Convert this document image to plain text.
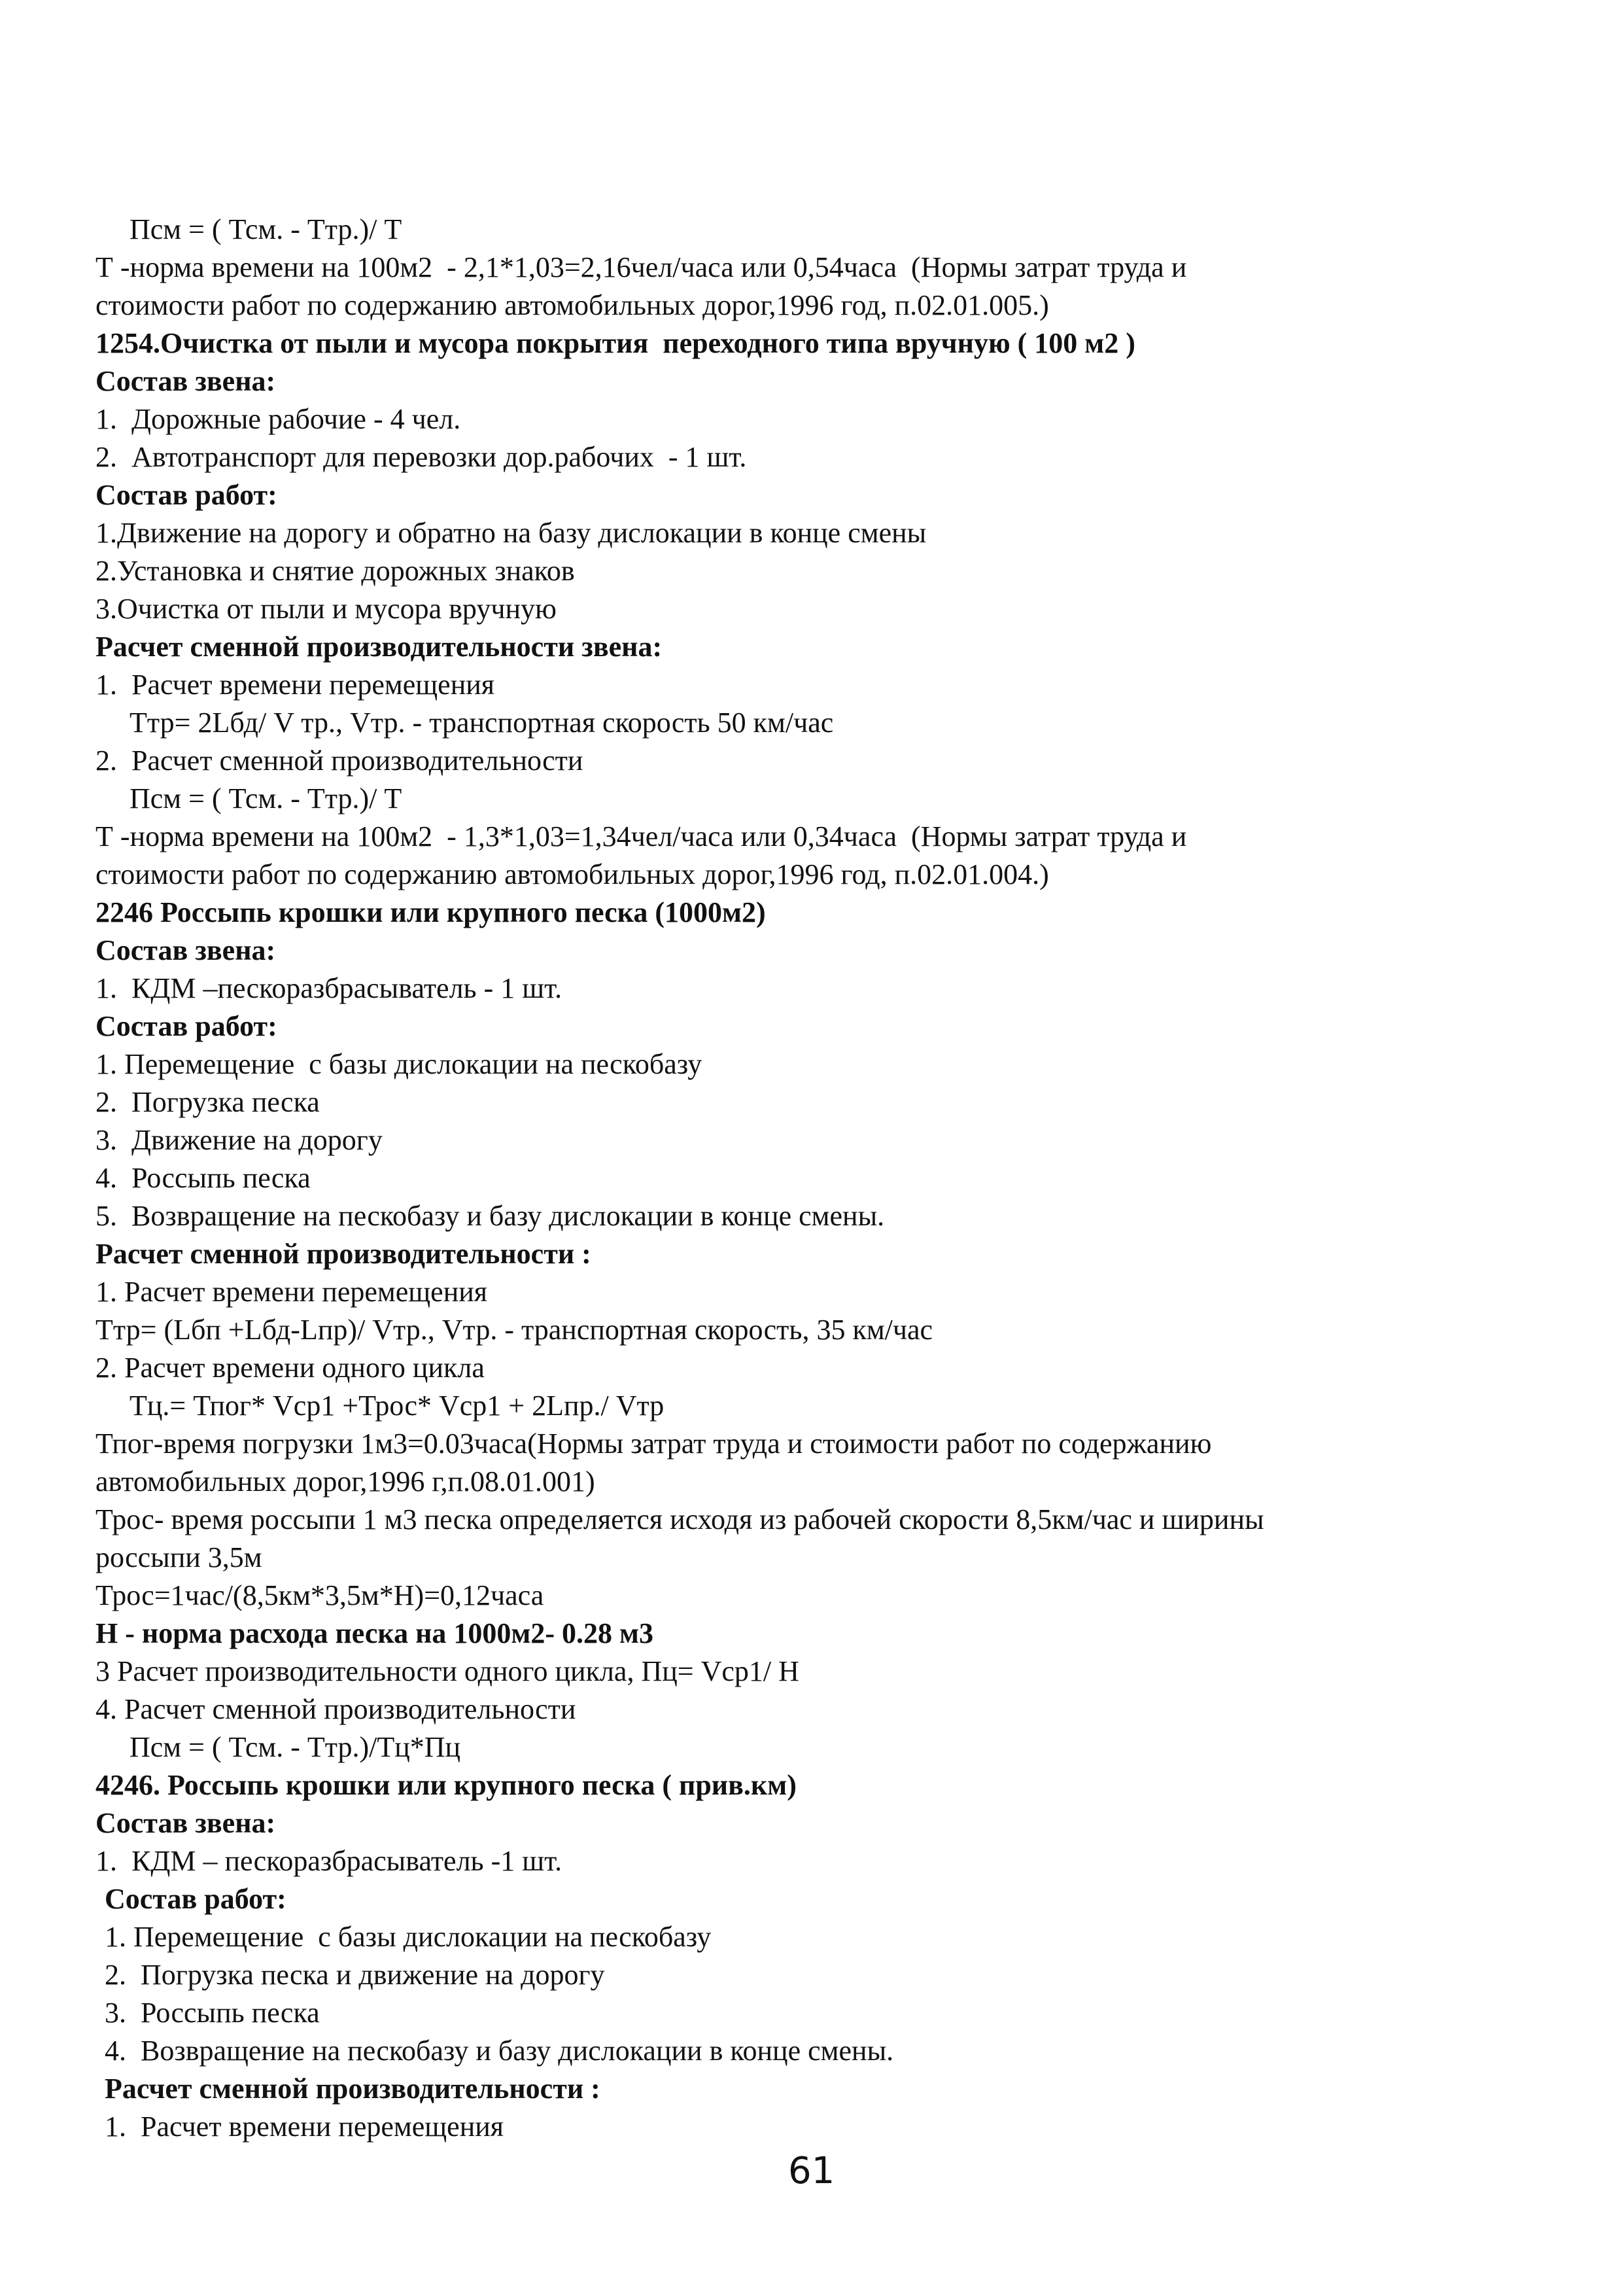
Псм = ( Тсм. - Ттр.)/ Т
Т -норма времени на 100м2  - 2,1*1,03=2,16чел/часа или 0,54часа  (Нормы затрат труда и
стоимости работ по содержанию автомобильных дорог,1996 год, п.02.01.005.)
1254.Очистка от пыли и мусора покрытия  переходного типа вручную ( 100 м2 )
Состав звена:
1.  Дорожные рабочие - 4 чел.
2.  Автотранспорт для перевозки дор.рабочих  - 1 шт.
Состав работ:
1.Движение на дорогу и обратно на базу дислокации в конце смены
2.Установка и снятие дорожных знаков
3.Очистка от пыли и мусора вручную
Расчет сменной производительности звена:
1.  Расчет времени перемещения
Ттр= 2Lбд/ V тр., Vтр. - транспортная скорость 50 км/час
2.  Расчет сменной производительности
Псм = ( Тсм. - Ттр.)/ Т
Т -норма времени на 100м2  - 1,3*1,03=1,34чел/часа или 0,34часа  (Нормы затрат труда и
стоимости работ по содержанию автомобильных дорог,1996 год, п.02.01.004.)
2246 Россыпь крошки или крупного песка (1000м2)
Состав звена:
1.  КДМ –пескоразбрасыватель - 1 шт.
Состав работ:
1. Перемещение  с базы дислокации на пескобазу
2.  Погрузка песка
3.  Движение на дорогу
4.  Россыпь песка
5.  Возвращение на пескобазу и базу дислокации в конце смены.
Расчет сменной производительности :
1. Расчет времени перемещения
Ттр= (Lбп +Lбд-Lпр)/ Vтр., Vтр. - транспортная скорость, 35 км/час
2. Расчет времени одного цикла
Тц.= Тпог* Vср1 +Трос* Vср1 + 2Lпр./ Vтр
Тпог-время погрузки 1м3=0.03часа(Нормы затрат труда и стоимости работ по содержанию
автомобильных дорог,1996 г,п.08.01.001)
Трос- время россыпи 1 м3 песка определяется исходя из рабочей скорости 8,5км/час и ширины
россыпи 3,5м
Трос=1час/(8,5км*3,5м*Н)=0,12часа
Н - норма расхода песка на 1000м2- 0.28 м3
3 Расчет производительности одного цикла, Пц= Vср1/ Н
4. Расчет сменной производительности
Псм = ( Тсм. - Ттр.)/Тц*Пц
4246. Россыпь крошки или крупного песка ( прив.км)
Состав звена:
1.  КДМ – пескоразбрасыватель -1 шт.
Состав работ:
1. Перемещение  с базы дислокации на пескобазу
2.  Погрузка песка и движение на дорогу
3.  Россыпь песка
4.  Возвращение на пескобазу и базу дислокации в конце смены.
Расчет сменной производительности :
1.  Расчет времени перемещения
61
